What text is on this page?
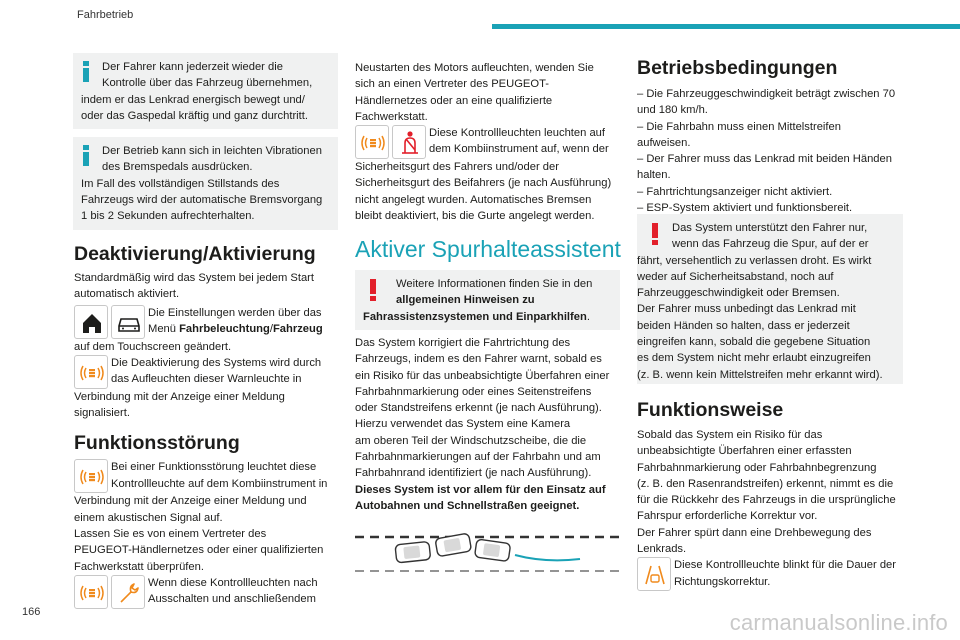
Fahrbetrieb
Der Fahrer kann jederzeit wieder die
Kontrolle über das Fahrzeug übernehmen,
indem er das Lenkrad energisch bewegt und/
oder das Gaspedal kräftig und ganz durchtritt.
Der Betrieb kann sich in leichten Vibrationen
des Bremspedals ausdrücken.
Im Fall des vollständigen Stillstands des
Fahrzeugs wird der automatische Bremsvorgang
1 bis 2 Sekunden aufrechterhalten.
Deaktivierung/Aktivierung

Standardmäßig wird das System bei jedem Start

automatisch aktiviert.

Die Einstellungen werden über das

Menü Fahrbeleuchtung/Fahrzeug

auf dem Touchscreen geändert.

Die Deaktivierung des Systems wird durch

das Aufleuchten dieser Warnleuchte in

Verbindung mit der Anzeige einer Meldung

signalisiert.

Funktionsstörung

Bei einer Funktionsstörung leuchtet diese

Kontrollleuchte auf dem Kombiinstrument in

Verbindung mit der Anzeige einer Meldung und

einem akustischen Signal auf.

Lassen Sie es von einem Vertreter des

PEUGEOT-Händlernetzes oder einer qualifizierten

Fachwerkstatt überprüfen.

Wenn diese Kontrollleuchten nach

Ausschalten und anschließendem

Neustarten des Motors aufleuchten, wenden Sie

sich an einen Vertreter des PEUGEOT-

Händlernetzes oder an eine qualifizierte

Fachwerkstatt.

Diese Kontrollleuchten leuchten auf

dem Kombiinstrument auf, wenn der

Sicherheitsgurt des Fahrers und/oder der

Sicherheitsgurt des Beifahrers (je nach Ausführung)

nicht angelegt wurden. Automatisches Bremsen

bleibt deaktiviert, bis die Gurte angelegt werden.

Aktiver Spurhalteassistent
Weitere Informationen finden Sie in den
allgemeinen Hinweisen zu
Fahrassistenzsystemen und Einparkhilfen.

Das System korrigiert die Fahrtrichtung des

Fahrzeugs, indem es den Fahrer warnt, sobald es

ein Risiko für das unbeabsichtigte Überfahren einer

Fahrbahnmarkierung oder eines Seitenstreifens

oder Standstreifens erkennt (je nach Ausführung).

Hierzu verwendet das System eine Kamera

am oberen Teil der Windschutzscheibe, die die

Fahrbahnmarkierungen auf der Fahrbahn und am

Fahrbahnrand identifiziert (je nach Ausführung).

Dieses System ist vor allem für den Einsatz auf

Autobahnen und Schnellstraßen geeignet.

Betriebsbedingungen

– Die Fahrzeuggeschwindigkeit beträgt zwischen 70

und 180 km/h.

– Die Fahrbahn muss einen Mittelstreifen

aufweisen.

– Der Fahrer muss das Lenkrad mit beiden Händen

halten.

– Fahrtrichtungsanzeiger nicht aktiviert.

– ESP-System aktiviert und funktionsbereit.

Das System unterstützt den Fahrer nur,
wenn das Fahrzeug die Spur, auf der er
fährt, versehentlich zu verlassen droht. Es wirkt
weder auf Sicherheitsabstand, noch auf
Fahrzeuggeschwindigkeit oder Bremsen.
Der Fahrer muss unbedingt das Lenkrad mit
beiden Händen so halten, dass er jederzeit
eingreifen kann, sobald die gegebene Situation
es dem System nicht mehr erlaubt einzugreifen
(z. B. wenn kein Mittelstreifen mehr erkannt wird).
Funktionsweise

Sobald das System ein Risiko für das

unbeabsichtigte Überfahren einer erfassten

Fahrbahnmarkierung oder Fahrbahnbegrenzung

(z. B. den Rasenrandstreifen) erkennt, nimmt es die

für die Rückkehr des Fahrzeugs in die ursprüngliche

Fahrspur erforderliche Korrektur vor.

Der Fahrer spürt dann eine Drehbewegung des

Lenkrads.

Diese Kontrollleuchte blinkt für die Dauer der

Richtungskorrektur.

166	carmanualsonline.info
